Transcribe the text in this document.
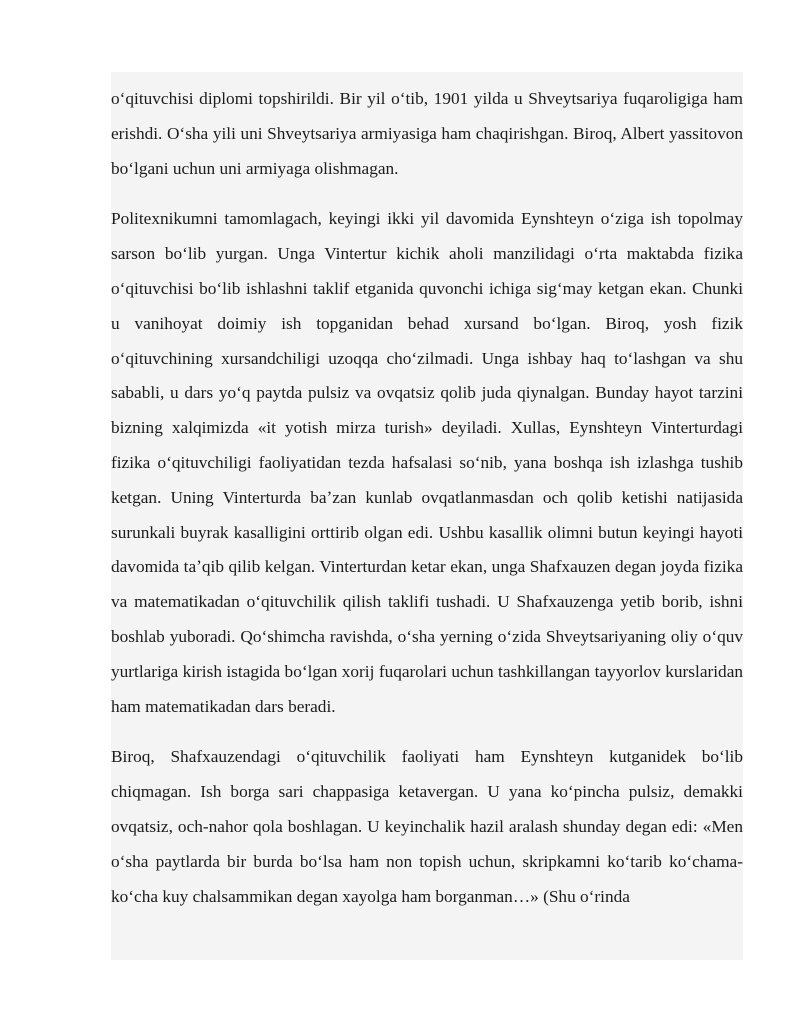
oʻqituvchisi diplomi topshirildi. Bir yil oʻtib, 1901 yilda u Shveytsariya fuqaroligiga ham erishdi. Oʻsha yili uni Shveytsariya armiyasiga ham chaqirishgan. Biroq, Albert yassitovon boʻlgani uchun uni armiyaga olishmagan.

Politexnikumni tamomlagach, keyingi ikki yil davomida Eynshteyn oʻziga ish topolmay sarson boʻlib yurgan. Unga Vintertur kichik aholi manzilidagi oʻrta maktabda fizika oʻqituvchisi boʻlib ishlashni taklif etganida quvonchi ichiga sigʻmay ketgan ekan. Chunki u vanihoyat doimiy ish topganidan behad xursand boʻlgan. Biroq, yosh fizik oʻqituvchining xursandchiligi uzoqqa choʻzilmadi. Unga ishbay haq toʻlashgan va shu sababli, u dars yoʻq paytda pulsiz va ovqatsiz qolib juda qiynalgan. Bunday hayot tarzini bizning xalqimizda «it yotish mirza turish» deyiladi. Xullas, Eynshteyn Vinterturdagi fizika oʻqituvchiligi faoliyatidan tezda hafsalasi soʻnib, yana boshqa ish izlashga tushib ketgan. Uning Vinterturda baʼzan kunlab ovqatlanmasdan och qolib ketishi natijasida surunkali buyrak kasalligini orttirib olgan edi. Ushbu kasallik olimni butun keyingi hayoti davomida taʼqib qilib kelgan. Vinterturdan ketar ekan, unga Shafxauzen degan joyda fizika va matematikadan oʻqituvchilik qilish taklifi tushadi. U Shafxauzenga yetib borib, ishni boshlab yuboradi. Qoʻshimcha ravishda, oʻsha yerning oʻzida Shveytsariyaning oliy oʻquv yurtlariga kirish istagida boʻlgan xorij fuqarolari uchun tashkillangan tayyorlov kurslaridan ham matematikadan dars beradi.

Biroq, Shafxauzendagi oʻqituvchilik faoliyati ham Eynshteyn kutganidek boʻlib chiqmagan. Ish borga sari chappasiga ketavergan. U yana koʻpincha pulsiz, demakki ovqatsiz, och-nahor qola boshlagan. U keyinchalik hazil aralash shunday degan edi: «Men oʻsha paytlarda bir burda boʻlsa ham non topish uchun, skripkamni koʻtarib koʻchama-koʻcha kuy chalsammikan degan xayolga ham borganman…» (Shu oʻrinda
